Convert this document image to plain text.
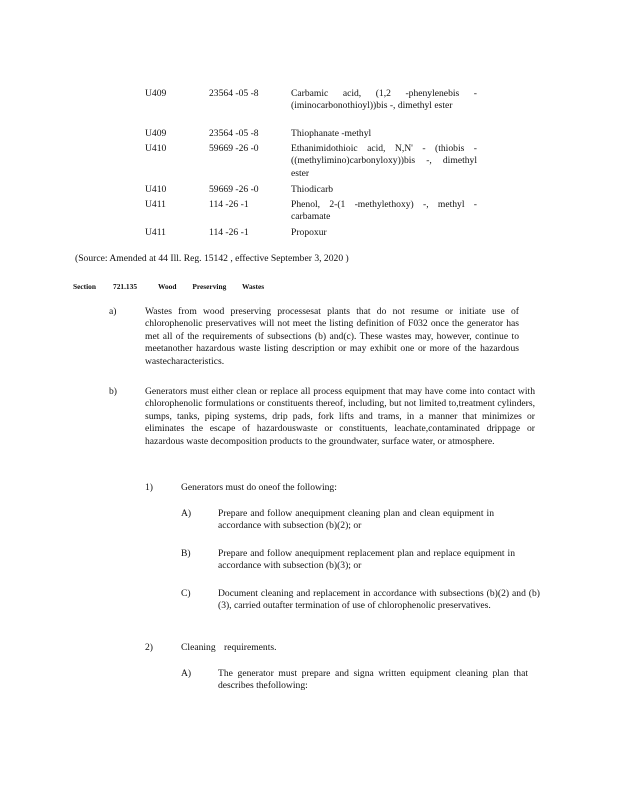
U409	23564 -05 -8	Carbamic acid, (1,2 -phenylenebis - (iminocarbonothioyl))bis -, dimethyl ester
U409	23564 -05 -8	Thiophanate -methyl
U410	59669 -26 -0	Ethanimidothioic acid, N,N' - (thiobis - ((methylimino)carbonyloxy))bis -, dimethyl ester
U410	59669 -26 -0	Thiodicarb
U411	114 -26 -1	Phenol, 2-(1 -methylethoxy) -, methyl - carbamate
U411	114 -26 -1	Propoxur
(Source: Amended at 44 Ill. Reg. 15142 , effective September 3, 2020 )
Section 721.135	Wood Preserving Wastes
a)	Wastes from wood preserving processesat plants that do not resume or initiate use of chlorophenolic preservatives will not meet the listing definition of F032 once the generator has met all of the requirements of subsections (b) and(c). These wastes may, however, continue to meetanother hazardous waste listing description or may exhibit one or more of the hazardous wastecharacteristics.
b)	Generators must either clean or replace all process equipment that may have come into contact with chlorophenolic formulations or constituents thereof, including, but not limited to,treatment cylinders, sumps, tanks, piping systems, drip pads, fork lifts and trams, in a manner that minimizes or eliminates the escape of hazardouswaste or constituents, leachate,contaminated drippage or hazardous waste decomposition products to the groundwater, surface water, or atmosphere.
1)	Generators must do oneof the following:
A)	Prepare and follow anequipment cleaning plan and clean equipment in accordance with subsection (b)(2); or
B)	Prepare and follow anequipment replacement plan and replace equipment in accordance with subsection (b)(3); or
C)	Document cleaning and replacement in accordance with subsections (b)(2) and (b)(3), carried outafter termination of use of chlorophenolic preservatives.
2)	Cleaning requirements.
A)	The generator must prepare and signa written equipment cleaning plan that describes thefollowing:
